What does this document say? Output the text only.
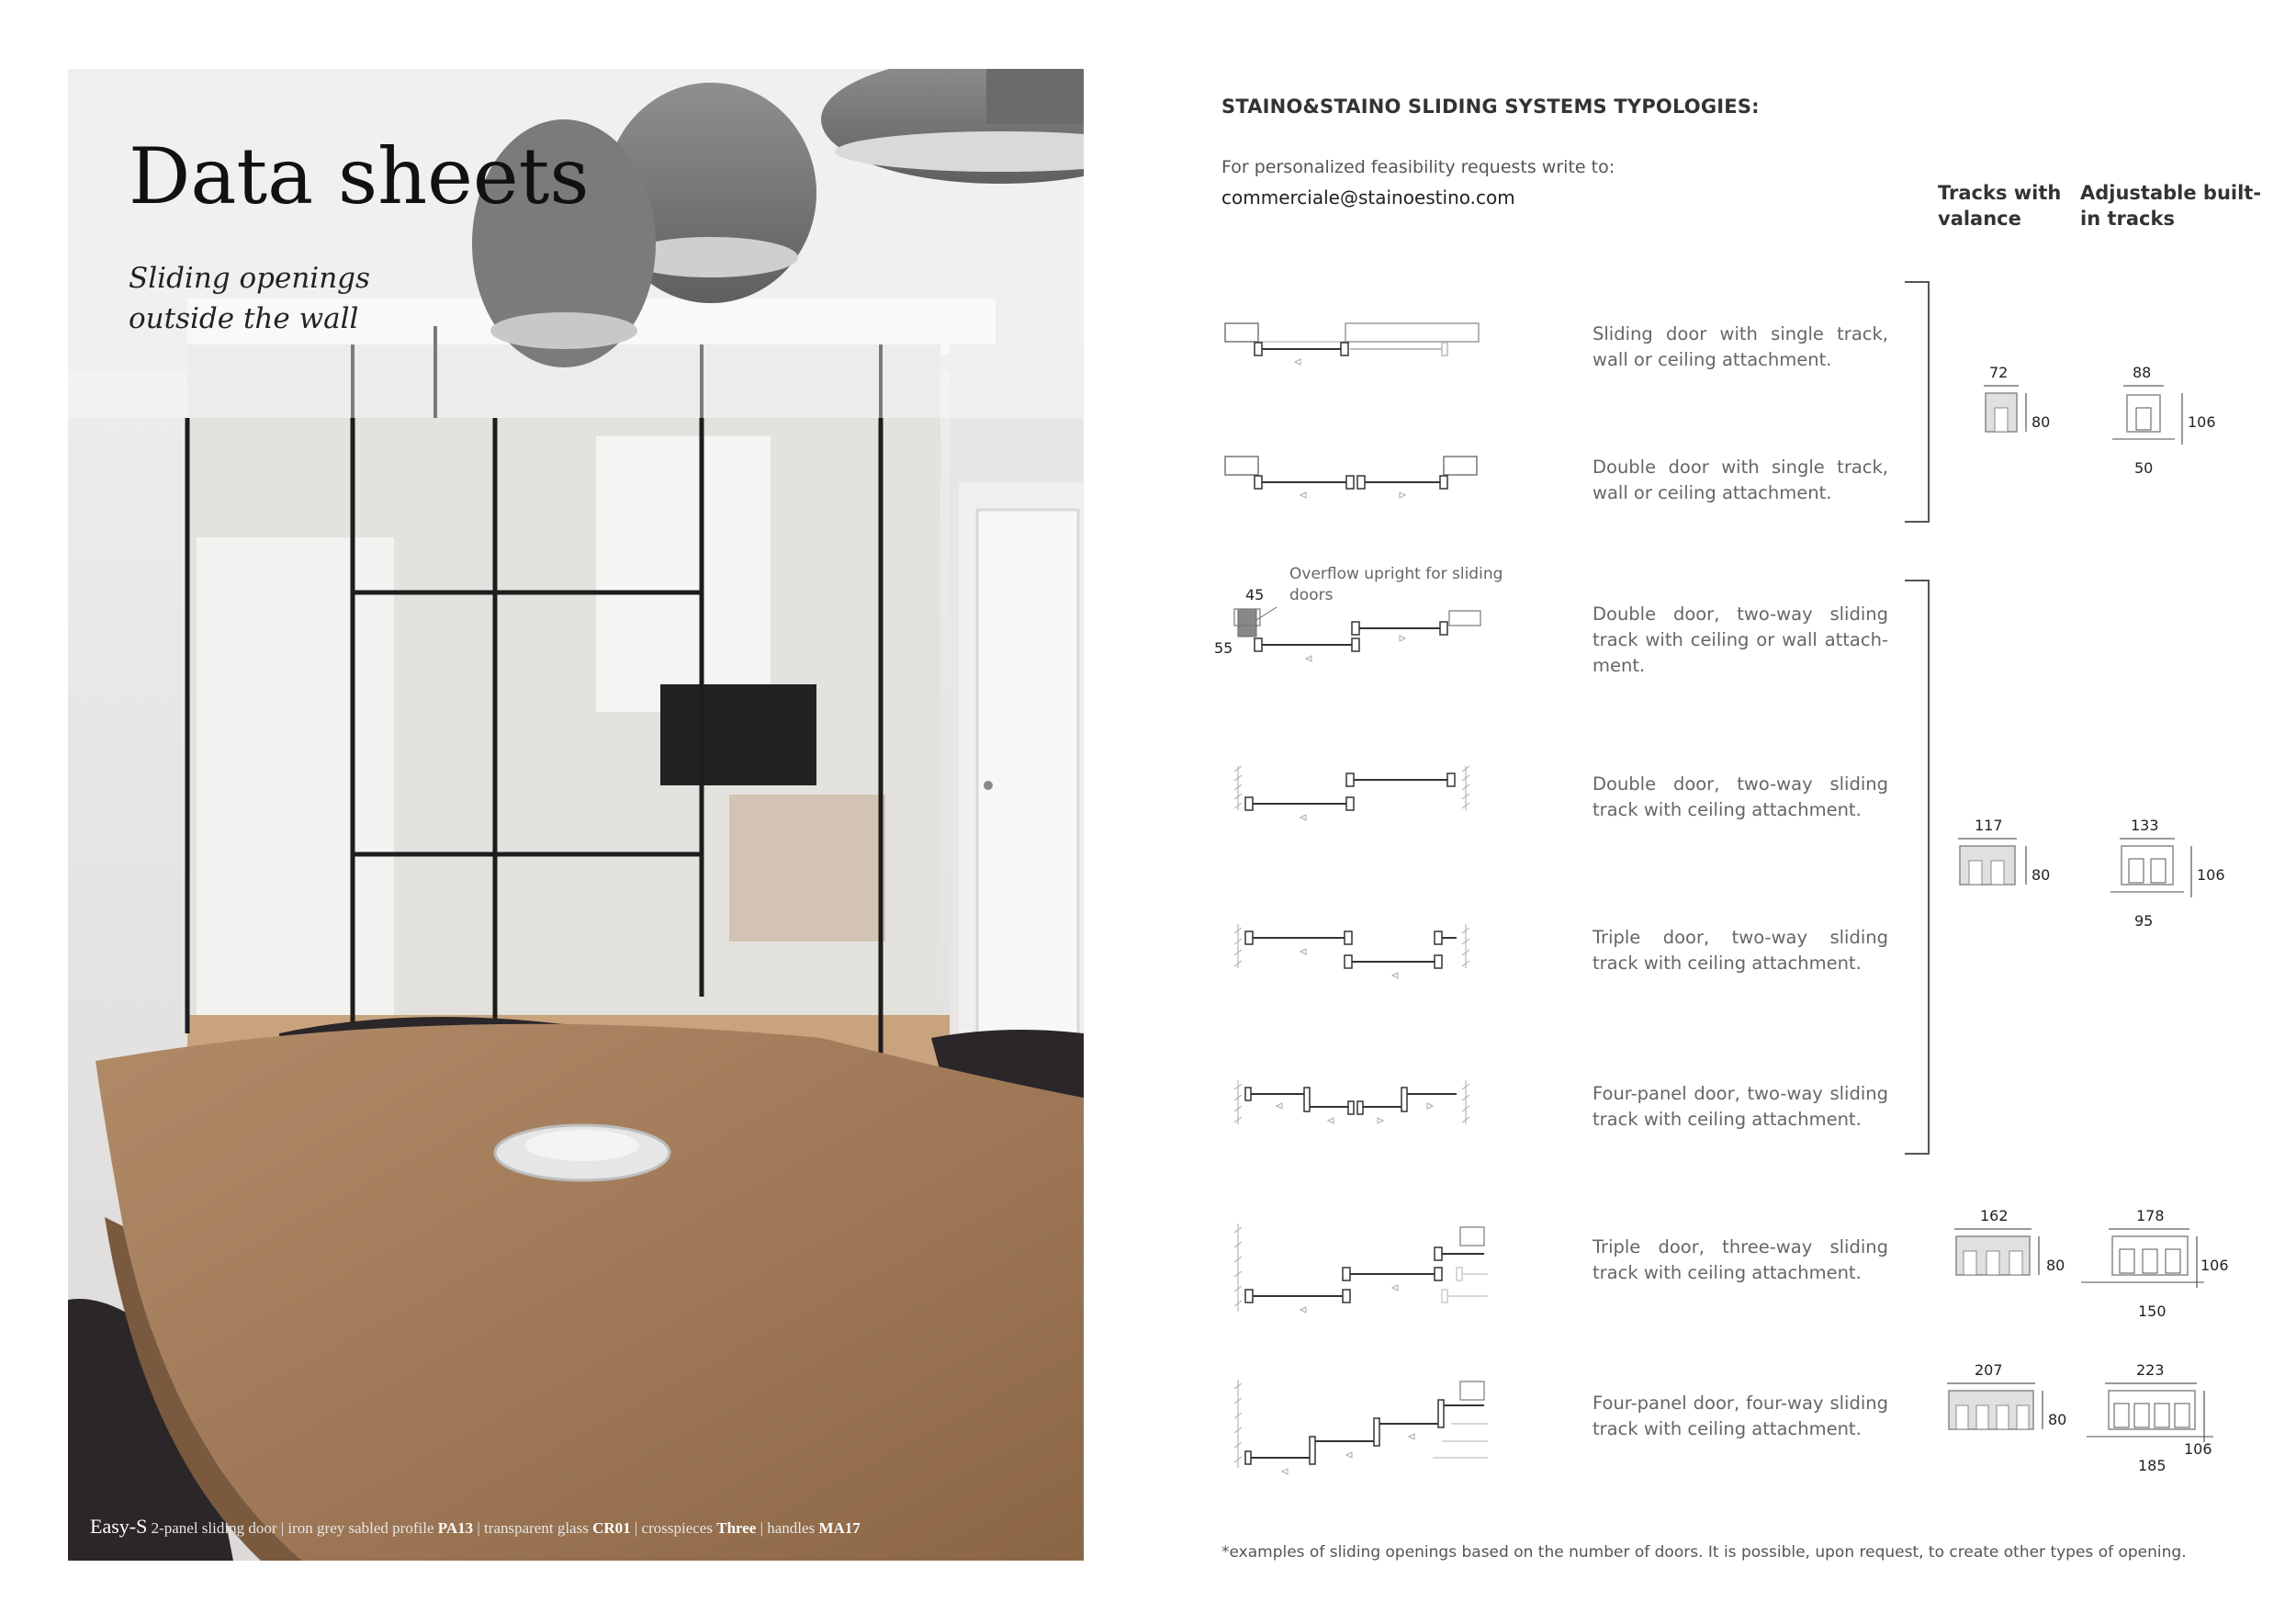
Data sheets
Sliding openings
outside the wall
Easy-S 2-panel sliding door | iron grey sabled profile PA13 | transparent glass CR01 | crosspieces Three | handles MA17
STAINO&STAINO SLIDING SYSTEMS TYPOLOGIES:
For personalized feasibility requests write to:
commerciale@stainoestino.com	Tracks with
valance
Adjustable built-
in tracks
Sliding door with single track, wall or ceiling attachment.
Double door with single track, wall or ceiling attachment.
72
80
88
106
50
Overflow upright for sliding
doors
45
55
Double door, two-way sliding track with ceiling or wall attach-ment.
Double door, two-way sliding track with ceiling attachment.
117
80
133
106
95
Triple door, two-way sliding track with ceiling attachment.
Four-panel door, two-way sliding track with ceiling attachment.
Triple door, three-way sliding track with ceiling attachment.
162
80
178
106
150
Four-panel door, four-way sliding track with ceiling attachment.
207
80
223
106
185
*examples of sliding openings based on the number of doors. It is possible, upon request, to create other types of opening.
